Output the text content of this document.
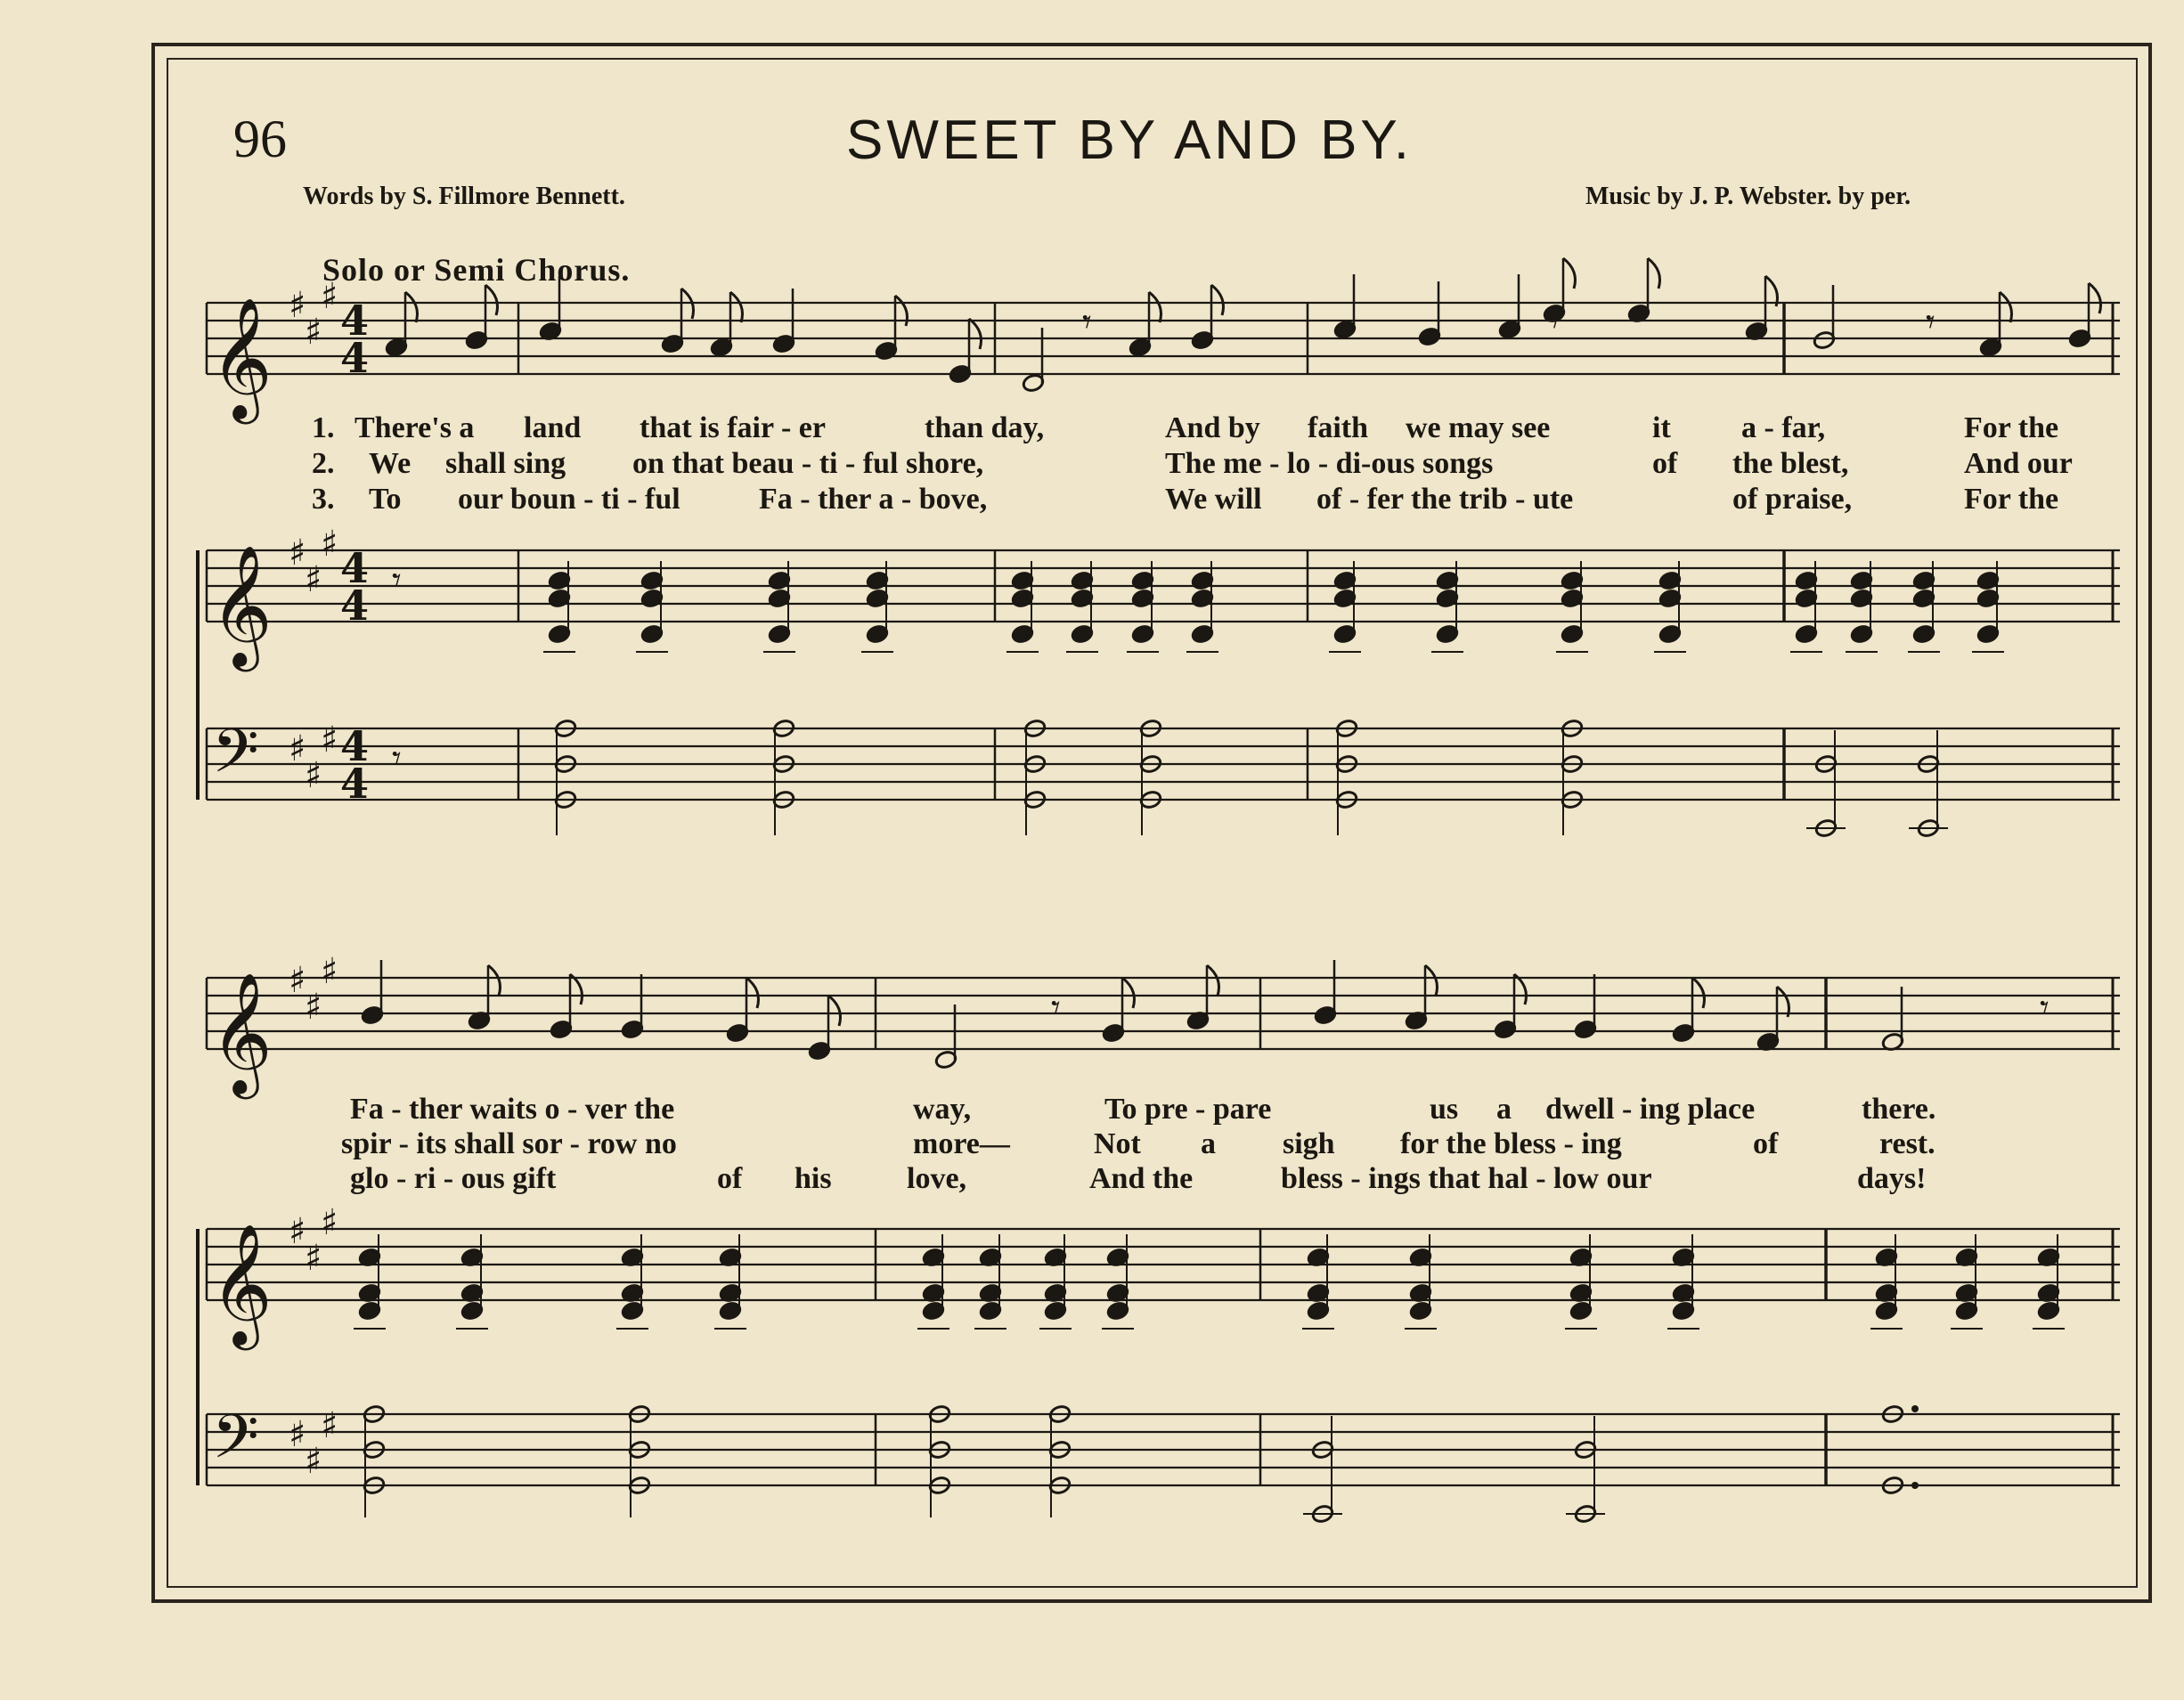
96	SWEET BY AND BY.
Words by S. Fillmore Bennett.	Music by J. P. Webster. by per.
Solo or Semi Chorus.
𝄞 ♯
♯
♯ 4
4
𝄾	𝄾
𝄾
𝄞 ♯
♯
♯ 4
4
𝄾
𝄢 ♯
♯
♯ 4
4
𝄾
𝄞 ♯
♯
♯
𝄾	𝄾
𝄞 ♯
♯
♯
𝄢 ♯
♯
♯
1. There's a land that is fair - er	than day,	And by faith we may see	it a - far,	For the
2. We shall sing on that beau - ti - ful shore,	The me - lo - di-ous songs	of the blest,	And our
3. To our boun - ti - ful	Fa - ther a - bove,	We will of - fer the trib - ute	of praise,	For the
Fa - ther waits o - ver the	way,	To pre - pare	us a dwell - ing place	there.
spir - its shall sor - row no	more—	Not a sigh for the bless - ing	of	rest.
glo - ri - ous gift	of his love,	And the	bless - ings that hal - low our	days!
